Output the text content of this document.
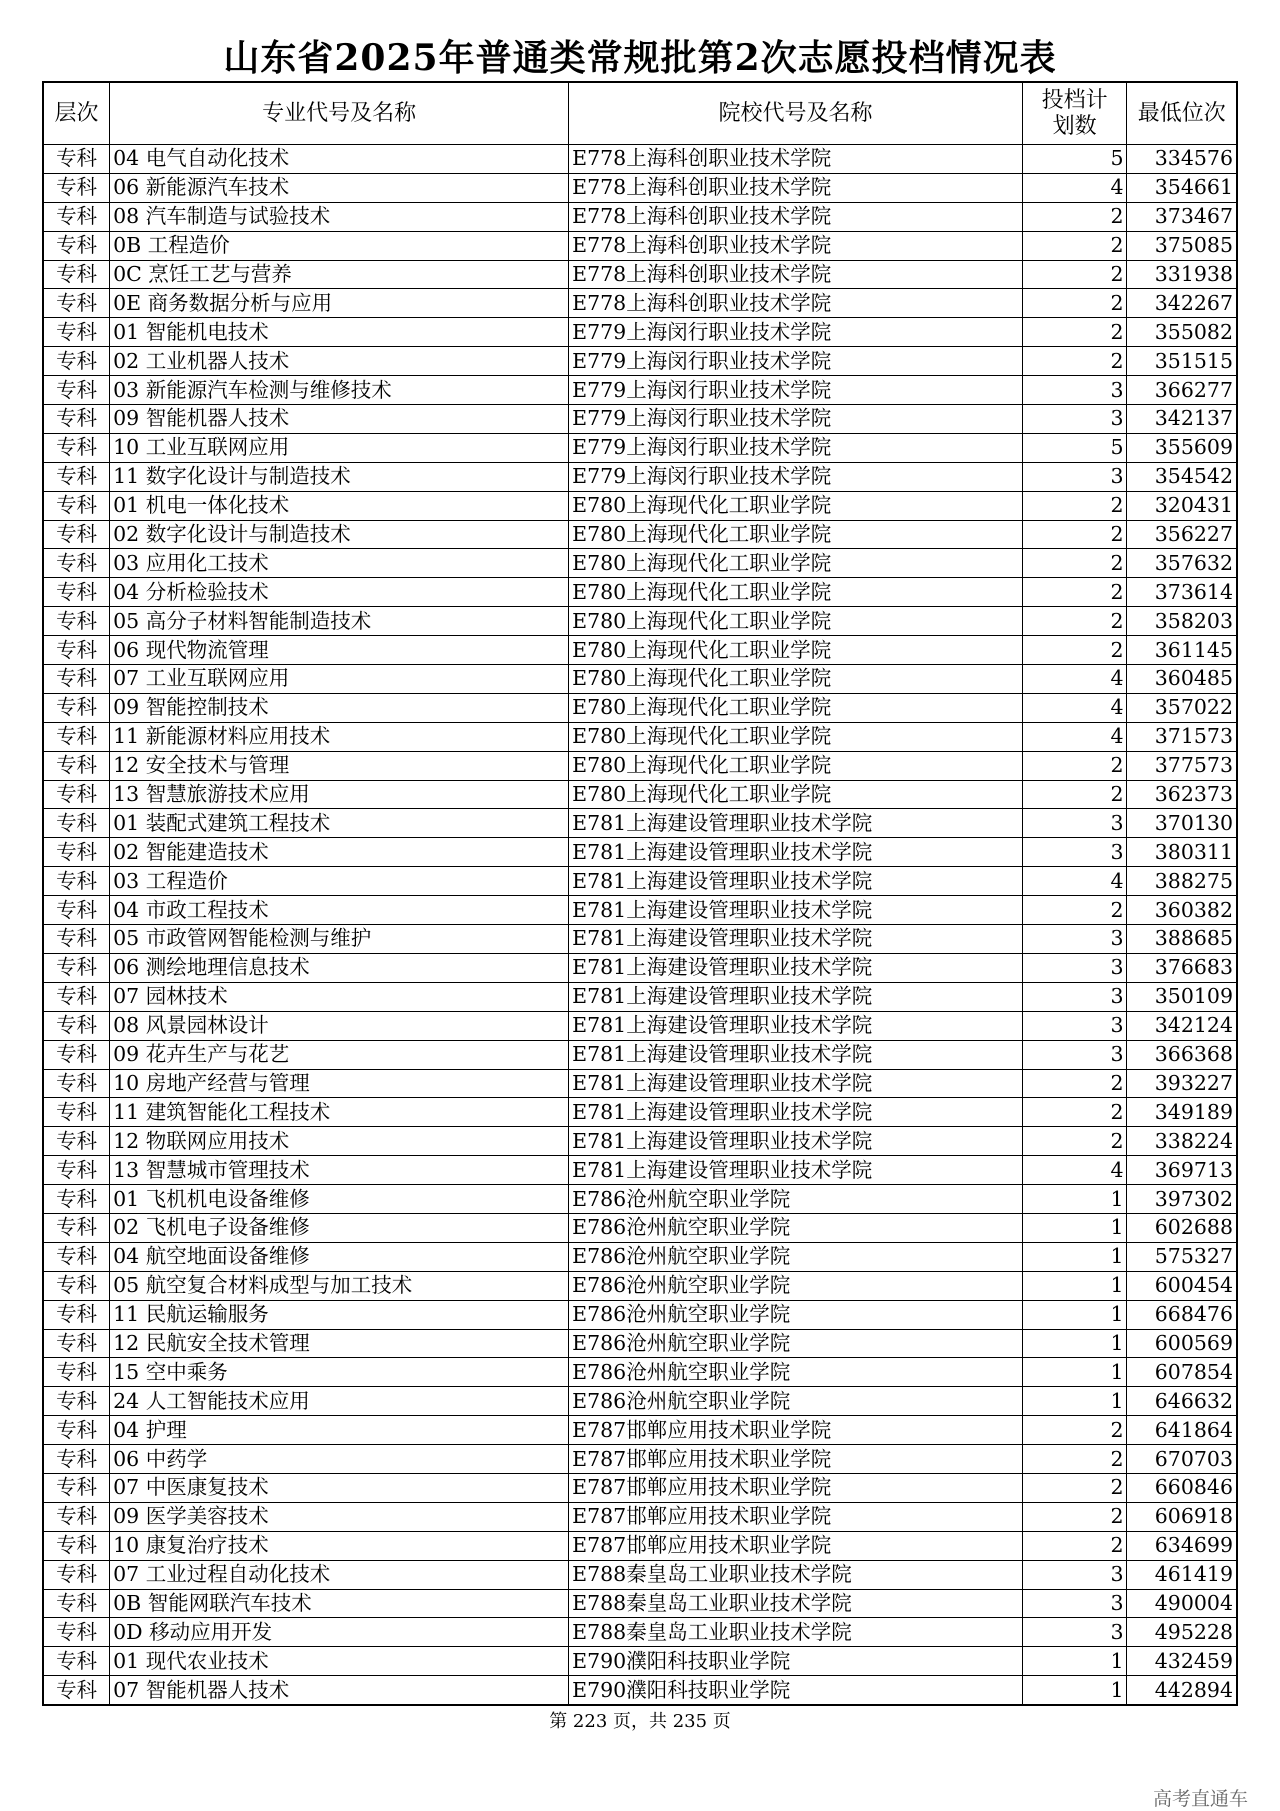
山东省2025年普通类常规批第2次志愿投档情况表
层次	专业代号及名称	院校代号及名称	投档计划数	最低位次
专科	04 电气自动化技术	E778上海科创职业技术学院	5	334576
专科	06 新能源汽车技术	E778上海科创职业技术学院	4	354661
专科	08 汽车制造与试验技术	E778上海科创职业技术学院	2	373467
专科	0B 工程造价	E778上海科创职业技术学院	2	375085
专科	0C 烹饪工艺与营养	E778上海科创职业技术学院	2	331938
专科	0E 商务数据分析与应用	E778上海科创职业技术学院	2	342267
专科	01 智能机电技术	E779上海闵行职业技术学院	2	355082
专科	02 工业机器人技术	E779上海闵行职业技术学院	2	351515
专科	03 新能源汽车检测与维修技术	E779上海闵行职业技术学院	3	366277
专科	09 智能机器人技术	E779上海闵行职业技术学院	3	342137
专科	10 工业互联网应用	E779上海闵行职业技术学院	5	355609
专科	11 数字化设计与制造技术	E779上海闵行职业技术学院	3	354542
专科	01 机电一体化技术	E780上海现代化工职业学院	2	320431
专科	02 数字化设计与制造技术	E780上海现代化工职业学院	2	356227
专科	03 应用化工技术	E780上海现代化工职业学院	2	357632
专科	04 分析检验技术	E780上海现代化工职业学院	2	373614
专科	05 高分子材料智能制造技术	E780上海现代化工职业学院	2	358203
专科	06 现代物流管理	E780上海现代化工职业学院	2	361145
专科	07 工业互联网应用	E780上海现代化工职业学院	4	360485
专科	09 智能控制技术	E780上海现代化工职业学院	4	357022
专科	11 新能源材料应用技术	E780上海现代化工职业学院	4	371573
专科	12 安全技术与管理	E780上海现代化工职业学院	2	377573
专科	13 智慧旅游技术应用	E780上海现代化工职业学院	2	362373
专科	01 装配式建筑工程技术	E781上海建设管理职业技术学院	3	370130
专科	02 智能建造技术	E781上海建设管理职业技术学院	3	380311
专科	03 工程造价	E781上海建设管理职业技术学院	4	388275
专科	04 市政工程技术	E781上海建设管理职业技术学院	2	360382
专科	05 市政管网智能检测与维护	E781上海建设管理职业技术学院	3	388685
专科	06 测绘地理信息技术	E781上海建设管理职业技术学院	3	376683
专科	07 园林技术	E781上海建设管理职业技术学院	3	350109
专科	08 风景园林设计	E781上海建设管理职业技术学院	3	342124
专科	09 花卉生产与花艺	E781上海建设管理职业技术学院	3	366368
专科	10 房地产经营与管理	E781上海建设管理职业技术学院	2	393227
专科	11 建筑智能化工程技术	E781上海建设管理职业技术学院	2	349189
专科	12 物联网应用技术	E781上海建设管理职业技术学院	2	338224
专科	13 智慧城市管理技术	E781上海建设管理职业技术学院	4	369713
专科	01 飞机机电设备维修	E786沧州航空职业学院	1	397302
专科	02 飞机电子设备维修	E786沧州航空职业学院	1	602688
专科	04 航空地面设备维修	E786沧州航空职业学院	1	575327
专科	05 航空复合材料成型与加工技术	E786沧州航空职业学院	1	600454
专科	11 民航运输服务	E786沧州航空职业学院	1	668476
专科	12 民航安全技术管理	E786沧州航空职业学院	1	600569
专科	15 空中乘务	E786沧州航空职业学院	1	607854
专科	24 人工智能技术应用	E786沧州航空职业学院	1	646632
专科	04 护理	E787邯郸应用技术职业学院	2	641864
专科	06 中药学	E787邯郸应用技术职业学院	2	670703
专科	07 中医康复技术	E787邯郸应用技术职业学院	2	660846
专科	09 医学美容技术	E787邯郸应用技术职业学院	2	606918
专科	10 康复治疗技术	E787邯郸应用技术职业学院	2	634699
专科	07 工业过程自动化技术	E788秦皇岛工业职业技术学院	3	461419
专科	0B 智能网联汽车技术	E788秦皇岛工业职业技术学院	3	490004
专科	0D 移动应用开发	E788秦皇岛工业职业技术学院	3	495228
专科	01 现代农业技术	E790濮阳科技职业学院	1	432459
专科	07 智能机器人技术	E790濮阳科技职业学院	1	442894
第 223 页，共 235 页
高考直通车
